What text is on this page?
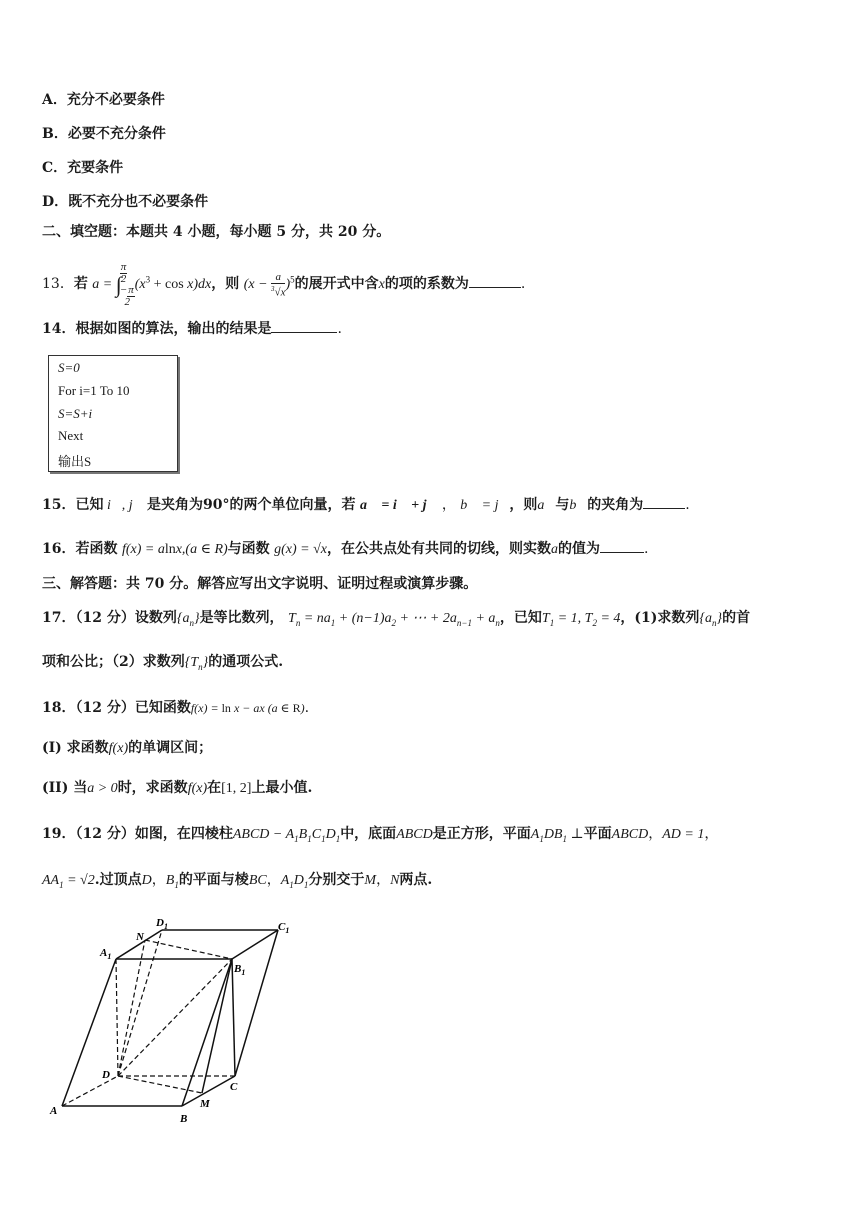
A．充分不必要条件
B．必要不充分条件
C．充要条件
D．既不充分也不必要条件
二、填空题：本题共 4 小题，每小题 5 分，共 20 分。
13．若 a = ∫
$\frac{\pi}{2}$

−π
2
$(x^3 + \cos x)dx$，则 $(x - \frac{a}{^3√x} )^5$的展开式中含x的项的系数为	.
14．根据如图的算法，输出的结果是	.
S=0
For i=1 To 10
S=S+i
Next
输出S
15．已知 i⃗, j⃗ 是夹角为90°的两个单位向量，若 a⃗ = i⃗ + j⃗ ， b⃗ = j⃗，则a⃗与b⃗的夹角为	.
16．若函数 f(x) = alnx,(a ∈ R)与函数 g(x) = √x，在公共点处有共同的切线，则实数a的值为	.
三、解答题：共 70 分。解答应写出文字说明、证明过程或演算步骤。
17．（12 分）设数列$\{a_n\}$是等比数列， $T_n = na_1 + (n-1)a_2$ + ⋯ + $2a_{n-1} + a_n$，已知$T_1 = 1$, $T_2 = 4$，(1)求数列$\{a_n\}$的首
项和公比；（2）求数列$\{T_n\}$的通项公式.
18．（12 分）已知函数f(x) = ln x − ax (a ∈ R).
(I) 求函数f(x)的单调区间；
(II) 当a > 0时，求函数f(x)在[1, 2]上最小值.
19．（12 分）如图，在四棱柱ABCD − $A_1B_1C_1D_1$中，底面ABCD是正方形，平面$A_1DB_1$ ⊥平面ABCD，AD = 1，
$AA_1 = √2$.过顶点D，$B_1$的平面与棱BC，$A_1D_1$分别交于M，N两点.
A
B
C
D
M
N
$A_1$
$B_1$
$C_1$
$D_1$
